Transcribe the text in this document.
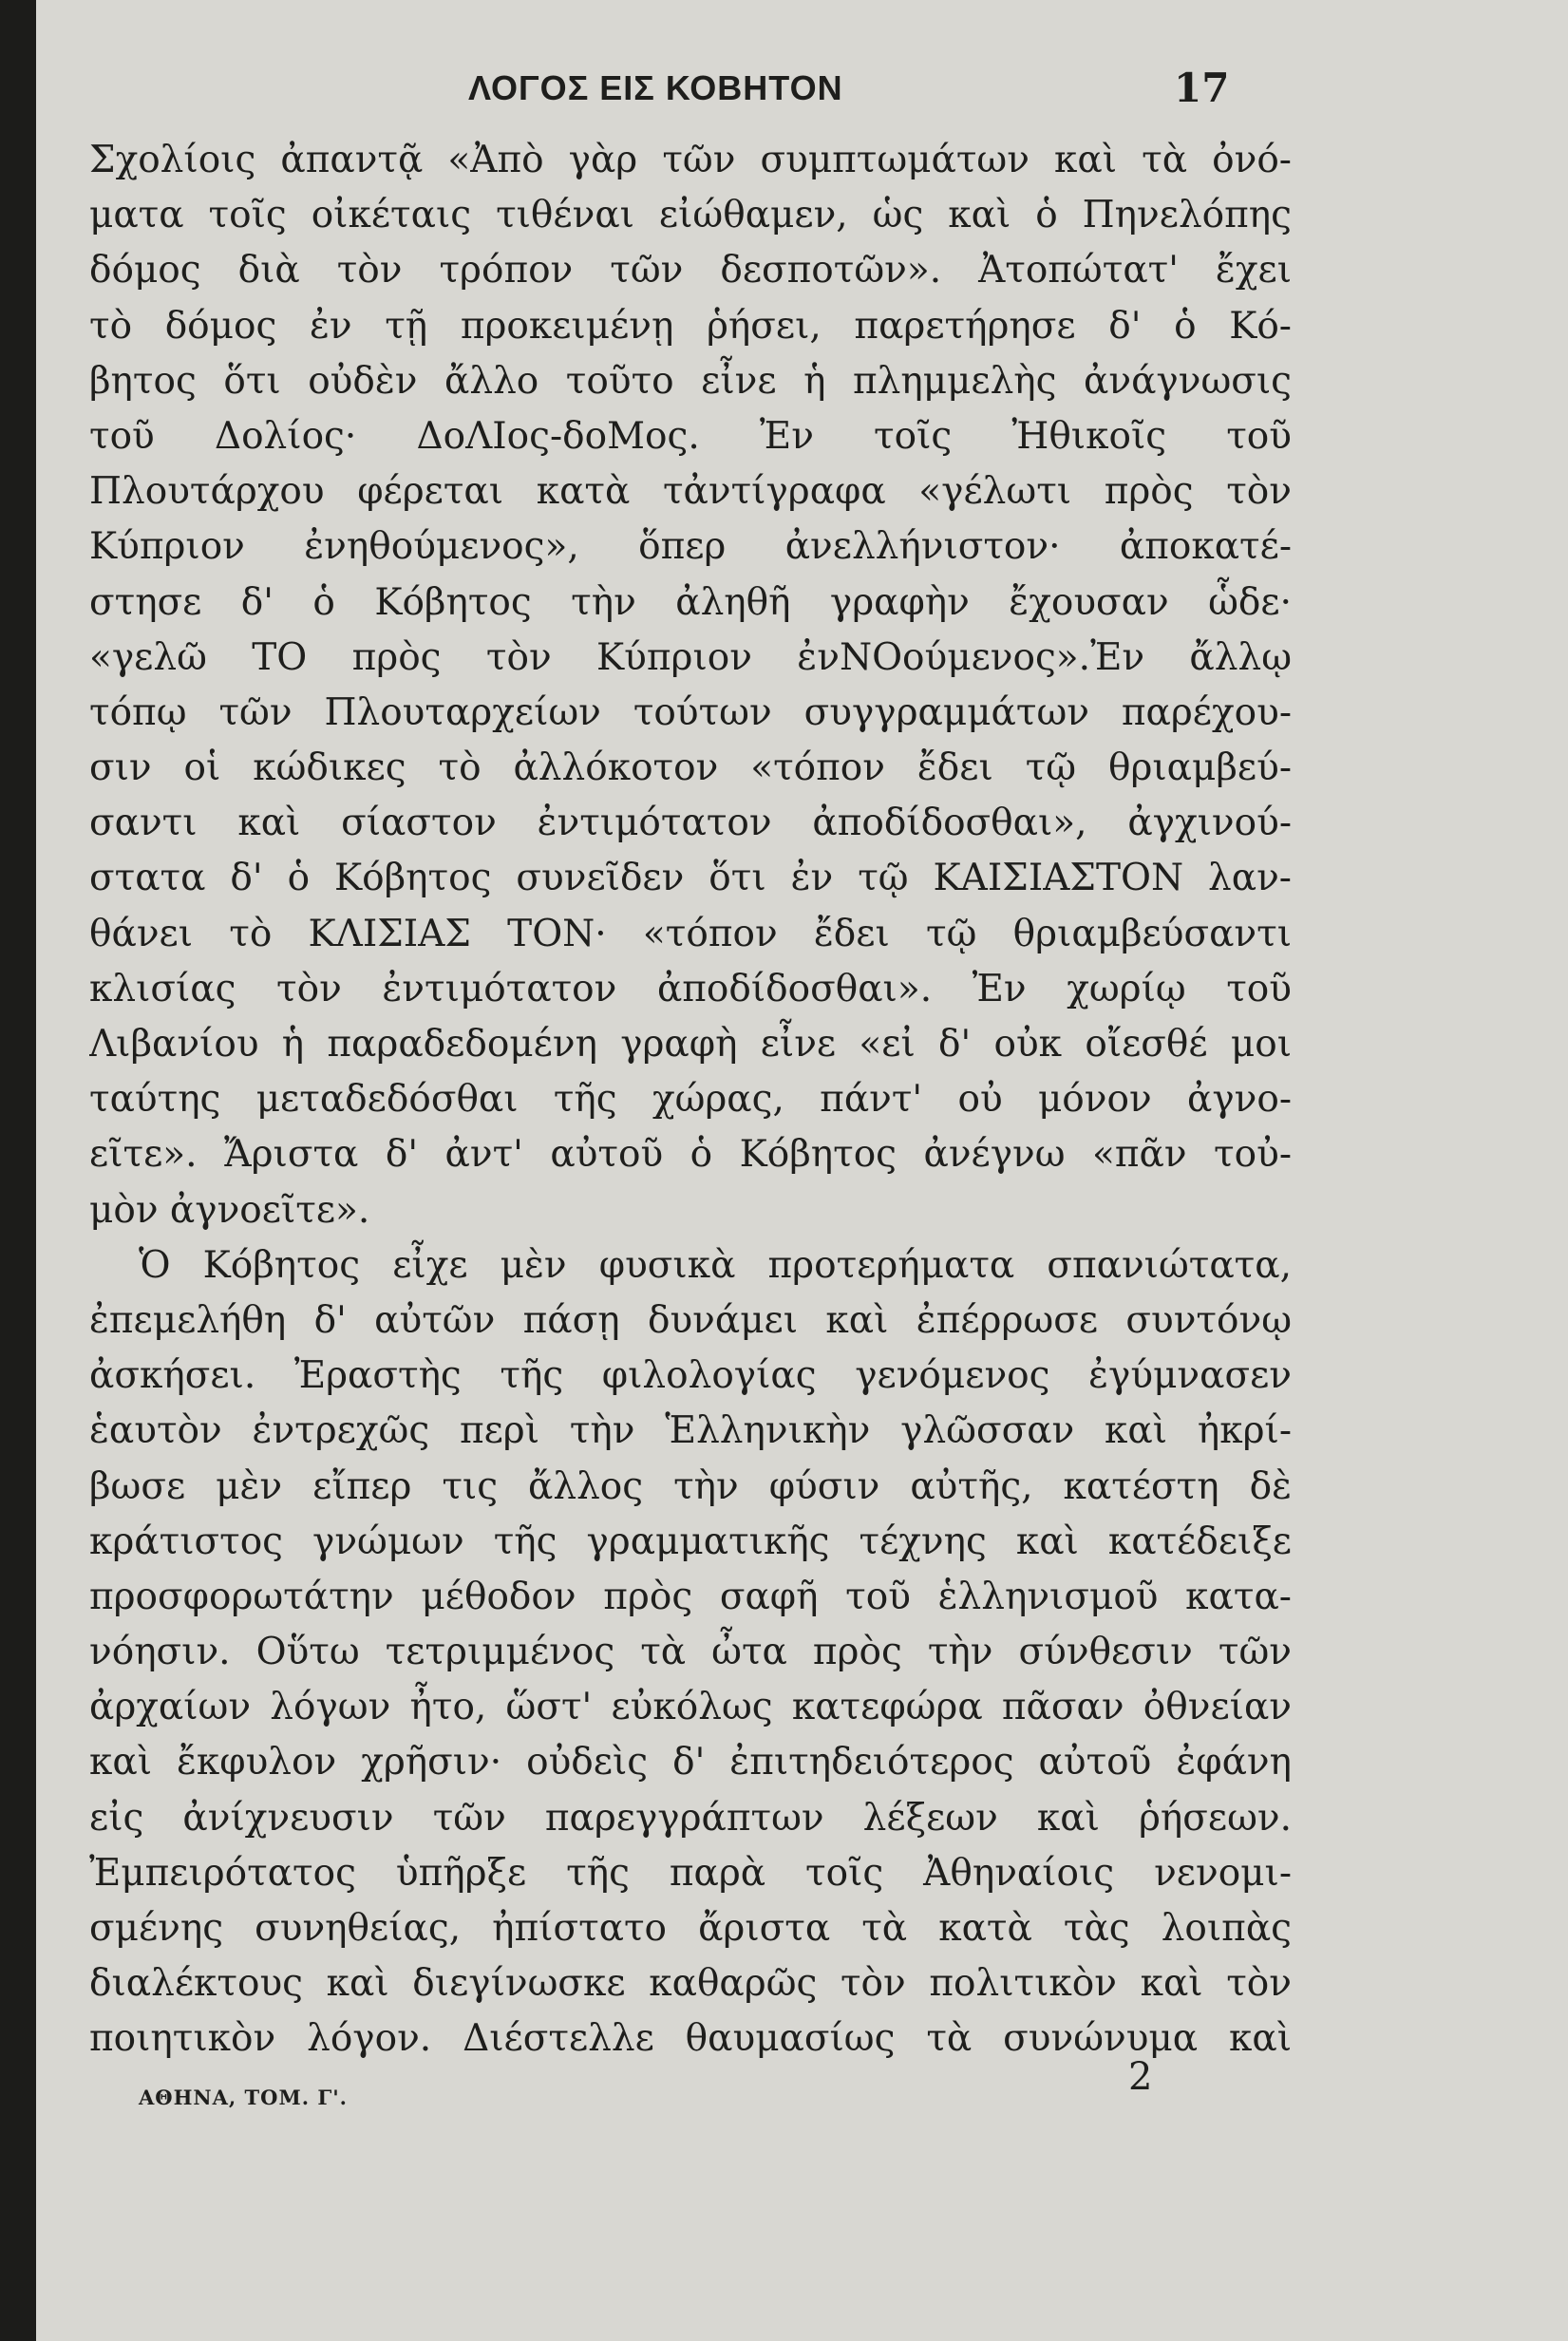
ΛΟΓΟΣ ΕΙΣ ΚΟΒΗΤΟΝ	17
Σχολίοις ἀπαντᾷ «Ἀπὸ γὰρ τῶν συμπτωμάτων καὶ τὰ ὀνό-
ματα τοῖς οἰκέταις τιθέναι εἰώθαμεν, ὡς καὶ ὁ Πηνελόπης
δόμος διὰ τὸν τρόπον τῶν δεσποτῶν». Ἀτοπώτατ' ἔχει
τὸ δόμος ἐν τῇ προκειμένῃ ῥήσει, παρετήρησε δ' ὁ Κό-
βητος ὅτι οὐδὲν ἄλλο τοῦτο εἶνε ἡ πλημμελὴς ἀνάγνωσις
τοῦ Δολίος· ΔοΛΙος-δοΜος. Ἐν τοῖς Ἠθικοῖς τοῦ
Πλουτάρχου φέρεται κατὰ τἀντίγραφα «γέλωτι πρὸς τὸν
Κύπριον ἐνηθούμενος», ὅπερ ἀνελλήνιστον· ἀποκατέ-
στησε δ' ὁ Κόβητος τὴν ἀληθῆ γραφὴν ἔχουσαν ὧδε·
«γελῶ ΤΟ πρὸς τὸν Κύπριον ἐνΝΟούμενος».Ἐν ἄλλῳ
τόπῳ τῶν Πλουταρχείων τούτων συγγραμμάτων παρέχου-
σιν οἱ κώδικες τὸ ἀλλόκοτον «τόπον ἔδει τῷ θριαμβεύ-
σαντι καὶ σίαστον ἐντιμότατον ἀποδίδοσθαι», ἀγχινού-
στατα δ' ὁ Κόβητος συνεῖδεν ὅτι ἐν τῷ ΚΑΙΣΙΑΣΤΟΝ λαν-
θάνει τὸ ΚΛΙΣΙΑΣ ΤΟΝ· «τόπον ἔδει τῷ θριαμβεύσαντι
κλισίας τὸν ἐντιμότατον ἀποδίδοσθαι». Ἐν χωρίῳ τοῦ
Λιβανίου ἡ παραδεδομένη γραφὴ εἶνε «εἰ δ' οὐκ οἴεσθέ μοι
ταύτης μεταδεδόσθαι τῆς χώρας, πάντ' οὐ μόνον ἀγνο-
εῖτε». Ἄριστα δ' ἀντ' αὐτοῦ ὁ Κόβητος ἀνέγνω «πᾶν τοὐ-
μὸν ἀγνοεῖτε».
Ὁ Κόβητος εἶχε μὲν φυσικὰ προτερήματα σπανιώτατα,
ἐπεμελήθη δ' αὐτῶν πάσῃ δυνάμει καὶ ἐπέρρωσε συντόνῳ
ἀσκήσει. Ἐραστὴς τῆς φιλολογίας γενόμενος ἐγύμνασεν
ἑαυτὸν ἐντρεχῶς περὶ τὴν Ἑλληνικὴν γλῶσσαν καὶ ἠκρί-
βωσε μὲν εἴπερ τις ἄλλος τὴν φύσιν αὐτῆς, κατέστη δὲ
κράτιστος γνώμων τῆς γραμματικῆς τέχνης καὶ κατέδειξε
προσφορωτάτην μέθοδον πρὸς σαφῆ τοῦ ἑλληνισμοῦ κατα-
νόησιν. Οὕτω τετριμμένος τὰ ὦτα πρὸς τὴν σύνθεσιν τῶν
ἀρχαίων λόγων ἦτο, ὥστ' εὐκόλως κατεφώρα πᾶσαν ὀθνείαν
καὶ ἔκφυλον χρῆσιν· οὐδεὶς δ' ἐπιτηδειότερος αὐτοῦ ἐφάνη
εἰς ἀνίχνευσιν τῶν παρεγγράπτων λέξεων καὶ ῥήσεων.
Ἐμπειρότατος ὑπῆρξε τῆς παρὰ τοῖς Ἀθηναίοις νενομι-
σμένης συνηθείας, ἠπίστατο ἄριστα τὰ κατὰ τὰς λοιπὰς
διαλέκτους καὶ διεγίνωσκε καθαρῶς τὸν πολιτικὸν καὶ τὸν
ποιητικὸν λόγον. Διέστελλε θαυμασίως τὰ συνώνυμα καὶ
ΑΘΗΝΑ, ΤΟΜ. Γ'.	2
